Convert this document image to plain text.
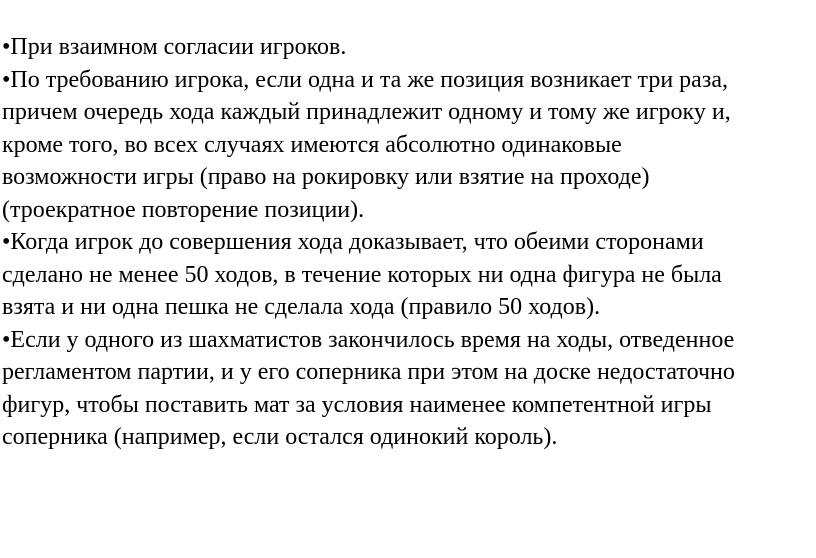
•При взаимном согласии игроков.
•По требованию игрока, если одна и та же позиция возникает три раза,
причем очередь хода каждый принадлежит одному и тому же игроку и,
кроме того, во всех случаях имеются абсолютно одинаковые
возможности игры (право на рокировку или взятие на проходе)
(троекратное повторение позиции).
•Когда игрок до совершения хода доказывает, что обеими сторонами
сделано не менее 50 ходов, в течение которых ни одна фигура не была
взята и ни одна пешка не сделала хода (правило 50 ходов).
•Если у одного из шахматистов закончилось время на ходы, отведенное
регламентом партии, и у его соперника при этом на доске недостаточно
фигур, чтобы поставить мат за условия наименее компетентной игры
соперника (например, если остался одинокий король).
